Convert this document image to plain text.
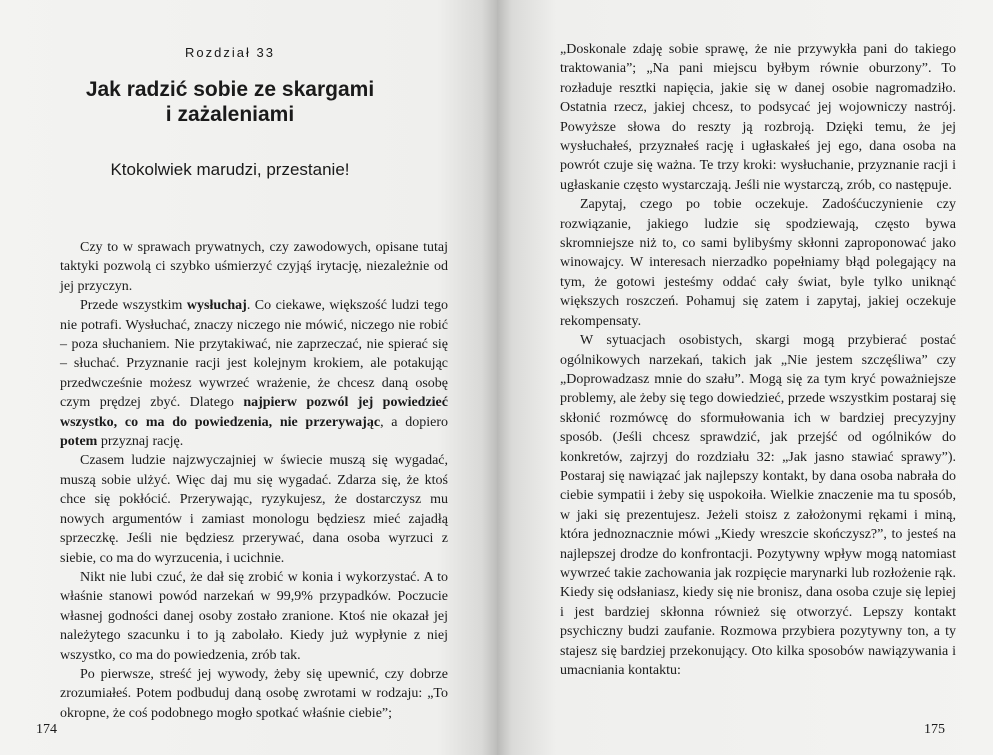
Rozdział 33
Jak radzić sobie ze skargami
i zażaleniami
Ktokolwiek marudzi, przestanie!

Czy to w sprawach prywatnych, czy zawodowych, opisane tutaj taktyki pozwolą ci szybko uśmierzyć czyjąś irytację, niezależnie od jej przyczyn.

Przede wszystkim wysłuchaj. Co ciekawe, większość ludzi tego nie potrafi. Wysłuchać, znaczy niczego nie mówić, niczego nie robić – poza słuchaniem. Nie przytakiwać, nie zaprzeczać, nie spierać się – słuchać. Przyznanie racji jest kolejnym krokiem, ale potakując przedwcześnie możesz wywrzeć wrażenie, że chcesz daną osobę czym prędzej zbyć. Dlatego najpierw pozwól jej powiedzieć wszystko, co ma do powiedzenia, nie przerywając, a dopiero potem przyznaj rację.

Czasem ludzie najzwyczajniej w świecie muszą się wygadać, muszą sobie ulżyć. Więc daj mu się wygadać. Zdarza się, że ktoś chce się pokłócić. Przerywając, ryzykujesz, że dostarczysz mu nowych argumentów i zamiast monologu będziesz mieć zajadłą sprzeczkę. Jeśli nie będziesz przerywać, dana osoba wyrzuci z siebie, co ma do wyrzucenia, i ucichnie.

Nikt nie lubi czuć, że dał się zrobić w konia i wykorzystać. A to właśnie stanowi powód narzekań w 99,9% przypadków. Poczucie własnej godności danej osoby zostało zranione. Ktoś nie okazał jej należytego szacunku i to ją zabolało. Kiedy już wypłynie z niej wszystko, co ma do powiedzenia, zrób tak.

Po pierwsze, streść jej wywody, żeby się upewnić, czy dobrze zrozumiałeś. Potem podbuduj daną osobę zwrotami w rodzaju: „To okropne, że coś podobnego mogło spotkać właśnie ciebie”;

174

„Doskonale zdaję sobie sprawę, że nie przywykła pani do takiego traktowania”; „Na pani miejscu byłbym równie oburzony”. To rozładuje resztki napięcia, jakie się w danej osobie nagromadziło. Ostatnia rzecz, jakiej chcesz, to podsycać jej wojowniczy nastrój. Powyższe słowa do reszty ją rozbroją. Dzięki temu, że jej wysłuchałeś, przyznałeś rację i ugłaskałeś jej ego, dana osoba na powrót czuje się ważna. Te trzy kroki: wysłuchanie, przyznanie racji i ugłaskanie często wystarczają. Jeśli nie wystarczą, zrób, co następuje.

Zapytaj, czego po tobie oczekuje. Zadośćuczynienie czy rozwiązanie, jakiego ludzie się spodziewają, często bywa skromniejsze niż to, co sami bylibyśmy skłonni zaproponować jako winowajcy. W interesach nierzadko popełniamy błąd polegający na tym, że gotowi jesteśmy oddać cały świat, byle tylko uniknąć większych roszczeń. Pohamuj się zatem i zapytaj, jakiej oczekuje rekompensaty.

W sytuacjach osobistych, skargi mogą przybierać postać ogólnikowych narzekań, takich jak „Nie jestem szczęśliwa” czy „Doprowadzasz mnie do szału”. Mogą się za tym kryć poważniejsze problemy, ale żeby się tego dowiedzieć, przede wszystkim postaraj się skłonić rozmówcę do sformułowania ich w bardziej precyzyjny sposób. (Jeśli chcesz sprawdzić, jak przejść od ogólników do konkretów, zajrzyj do rozdziału 32: „Jak jasno stawiać sprawy”). Postaraj się nawiązać jak najlepszy kontakt, by dana osoba nabrała do ciebie sympatii i żeby się uspokoiła. Wielkie znaczenie ma tu sposób, w jaki się prezentujesz. Jeżeli stoisz z założonymi rękami i miną, która jednoznacznie mówi „Kiedy wreszcie skończysz?”, to jesteś na najlepszej drodze do konfrontacji. Pozytywny wpływ mogą natomiast wywrzeć takie zachowania jak rozpięcie marynarki lub rozłożenie rąk. Kiedy się odsłaniasz, kiedy się nie bronisz, dana osoba czuje się lepiej i jest bardziej skłonna również się otworzyć. Lepszy kontakt psychiczny budzi zaufanie. Rozmowa przybiera pozytywny ton, a ty stajesz się bardziej przekonujący. Oto kilka sposobów nawiązywania i umacniania kontaktu:

175
